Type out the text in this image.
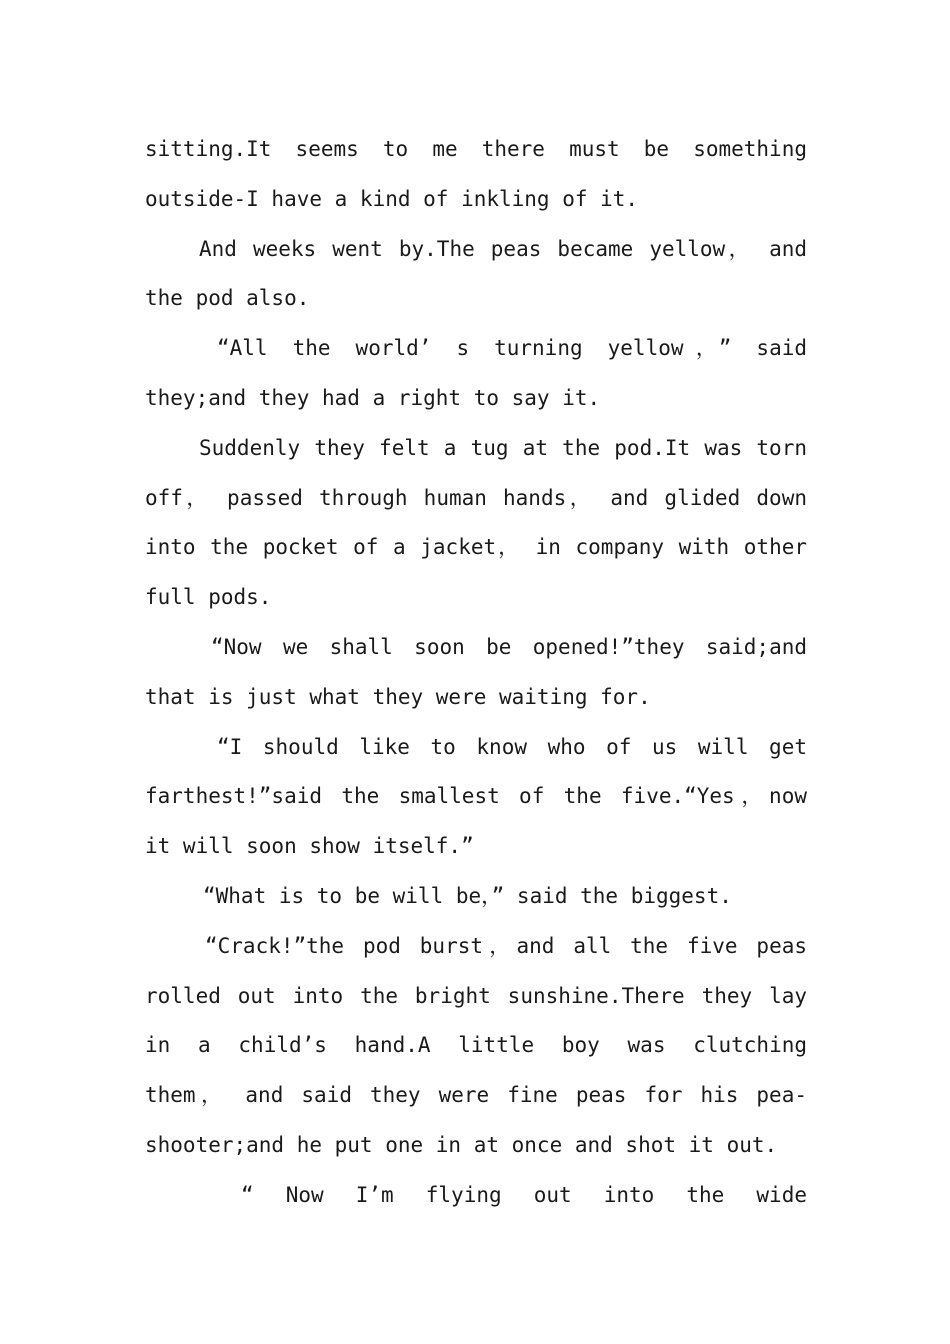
sitting.It seems to me there must be something
outside-I have a kind of inkling of it.
And weeks went by.The peas became yellow， and
the pod also.
“All the world’ s turning yellow，” said
they;and they had a right to say it.
Suddenly they felt a tug at the pod.It was torn
off， passed through human hands， and glided down
into the pocket of a jacket， in company with other
full pods.
“Now we shall soon be opened!”they said;and
that is just what they were waiting for.
“I should like to know who of us will get
farthest!”said the smallest of the five.“Yes，now
it will soon show itself.”
“What is to be will be，” said the biggest.
“Crack!”the pod burst，and all the five peas
rolled out into the bright sunshine.There they lay
in a child’s hand.A little boy was clutching
them， and said they were fine peas for his pea-
shooter;and he put one in at once and shot it out.
“ Now I’m flying out into the wide
